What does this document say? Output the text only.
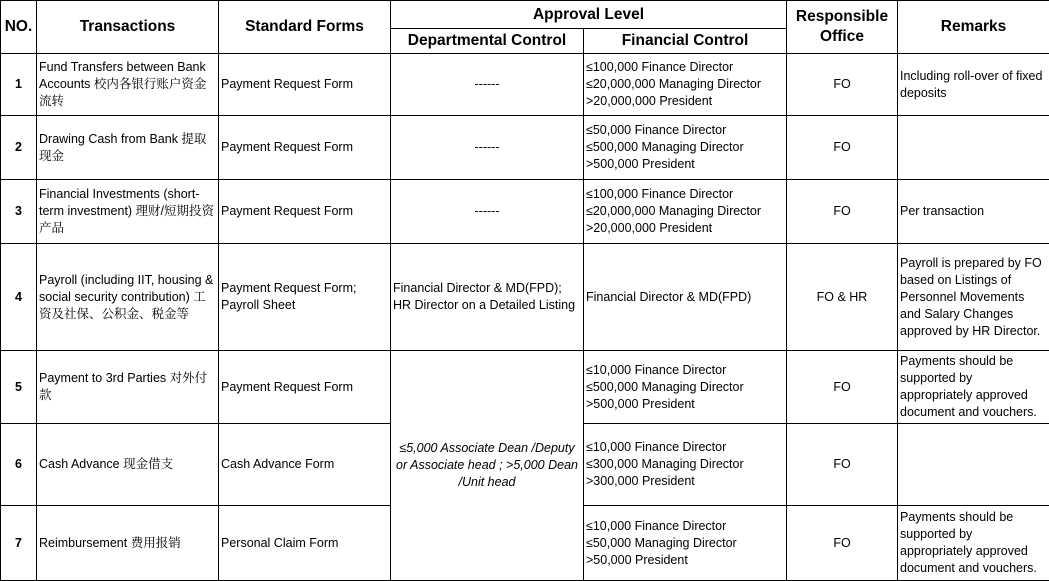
NO.	Transactions	Standard Forms	Approval Level		Responsible Office	Remarks
			Departmental Control	Financial Control		
1	Fund Transfers between Bank Accounts 校内各银行账户资金流转	Payment Request Form	------	≤100,000 Finance Director
≤20,000,000 Managing Director
>20,000,000 President	FO	Including roll-over of fixed deposits
2	Drawing Cash from Bank 提取现金	Payment Request Form	------	≤50,000 Finance Director
≤500,000 Managing Director
>500,000 President	FO	
3	Financial Investments (short-term investment) 理财/短期投资产品	Payment Request Form	------	≤100,000 Finance Director
≤20,000,000 Managing Director
>20,000,000 President	FO	Per transaction
4	Payroll (including IIT, housing & social security contribution) 工资及社保、公积金、税金等	Payment Request Form; Payroll Sheet	Financial Director & MD(FPD); HR Director on a Detailed Listing	Financial Director & MD(FPD)	FO & HR	Payroll is prepared by FO based on Listings of Personnel Movements and Salary Changes approved by HR Director.
5	Payment to 3rd Parties 对外付款	Payment Request Form	≤5,000 Associate Dean /Deputy or Associate head ; >5,000 Dean /Unit head	≤10,000 Finance Director
≤500,000 Managing Director
>500,000 President	FO	Payments should be supported by appropriately approved document and vouchers.
6	Cash Advance 现金借支	Cash Advance Form		≤10,000 Finance Director
≤300,000 Managing Director
>300,000 President	FO	
7	Reimbursement 费用报销	Personal Claim Form		≤10,000 Finance Director
≤50,000 Managing Director
>50,000 President	FO	Payments should be supported by appropriately approved document and vouchers.
